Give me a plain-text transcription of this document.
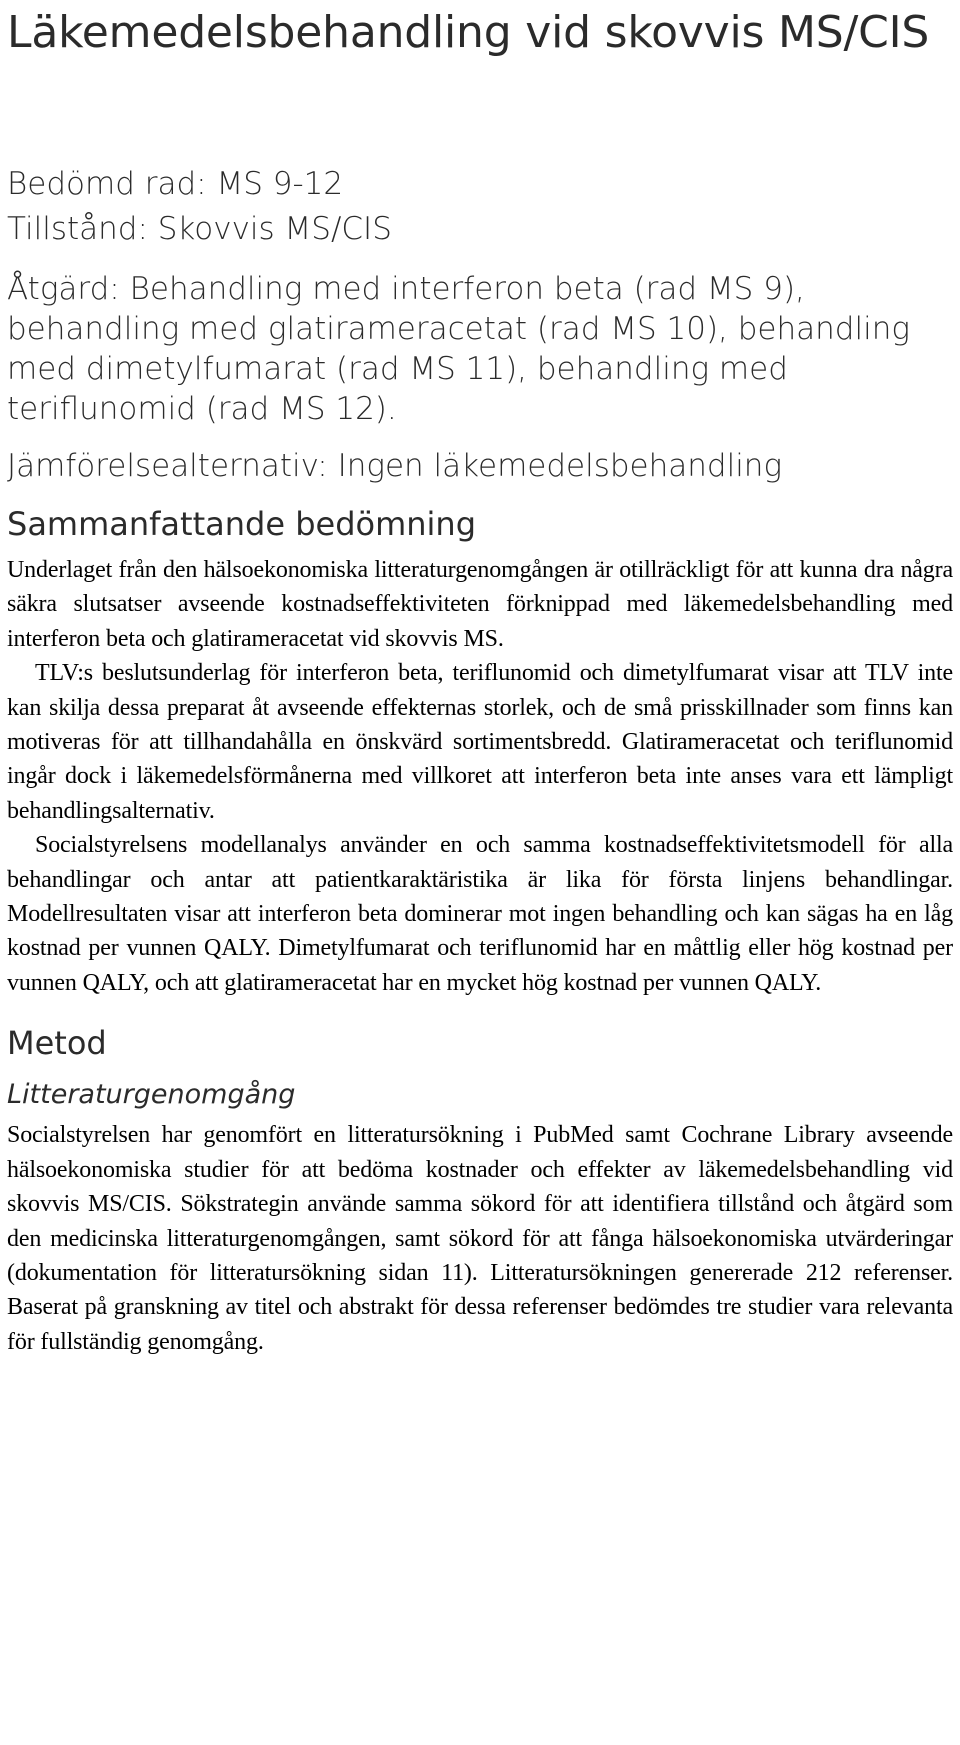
Läkemedelsbehandling vid skovvis MS/CIS
Bedömd rad: MS 9-12
Tillstånd: Skovvis MS/CIS
Åtgärd: Behandling med interferon beta (rad MS 9), behandling med glatirameracetat (rad MS 10), behandling med dimetylfumarat (rad MS 11), behandling med teriflunomid (rad MS 12).
Jämförelsealternativ: Ingen läkemedelsbehandling
Sammanfattande bedömning

Underlaget från den hälsoekonomiska litteraturgenomgången är otillräckligt för att kunna dra några säkra slutsatser avseende kostnadseffektiviteten förknippad med läkemedelsbehandling med interferon beta och glatirameracetat vid skovvis MS.

TLV:s beslutsunderlag för interferon beta, teriflunomid och dimetylfumarat visar att TLV inte kan skilja dessa preparat åt avseende effekternas storlek, och de små prisskillnader som finns kan motiveras för att tillhandahålla en önskvärd sortimentsbredd. Glatirameracetat och teriflunomid ingår dock i läkemedelsförmånerna med villkoret att interferon beta inte anses vara ett lämpligt behandlingsalternativ.

Socialstyrelsens modellanalys använder en och samma kostnadseffektivitetsmodell för alla behandlingar och antar att patientkaraktäristika är lika för första linjens behandlingar. Modellresultaten visar att interferon beta dominerar mot ingen behandling och kan sägas ha en låg kostnad per vunnen QALY. Dimetylfumarat och teriflunomid har en måttlig eller hög kostnad per vunnen QALY, och att glatirameracetat har en mycket hög kostnad per vunnen QALY.

Metod
Litteraturgenomgång

Socialstyrelsen har genomfört en litteratursökning i PubMed samt Cochrane Library avseende hälsoekonomiska studier för att bedöma kostnader och effekter av läkemedelsbehandling vid skovvis MS/CIS. Sökstrategin använde samma sökord för att identifiera tillstånd och åtgärd som den medicinska litteraturgenomgången, samt sökord för att fånga hälsoekonomiska utvärderingar (dokumentation för litteratursökning sidan 11). Litteratursökningen genererade 212 referenser. Baserat på granskning av titel och abstrakt för dessa referenser bedömdes tre studier vara relevanta för fullständig genomgång.
